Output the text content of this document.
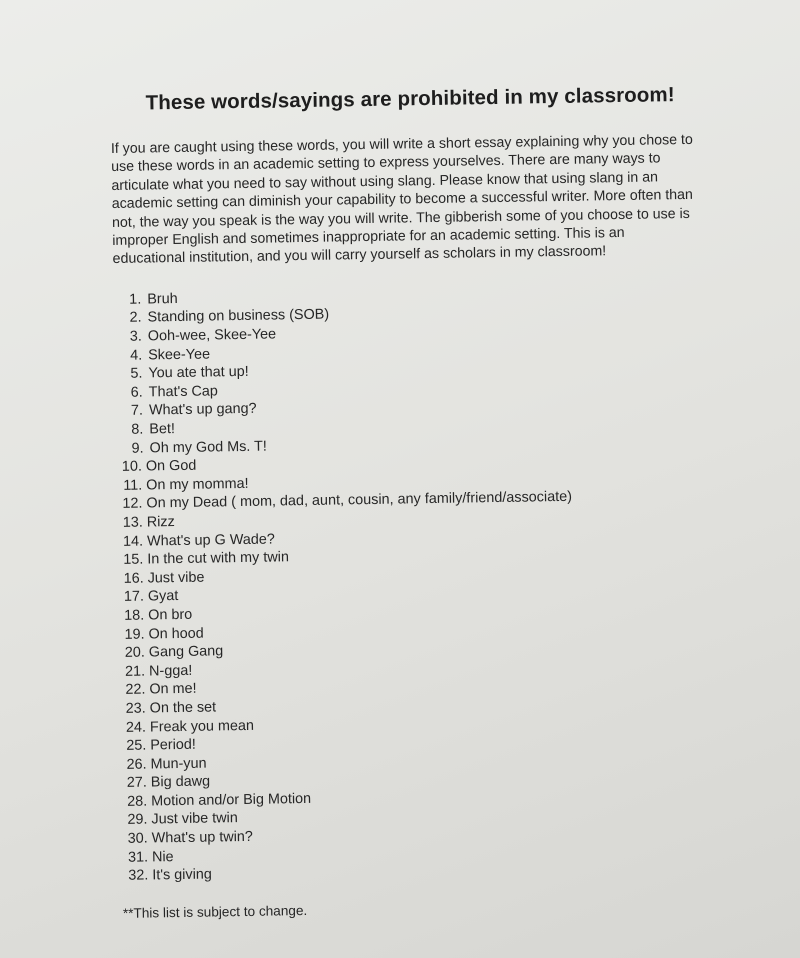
These words/sayings are prohibited in my classroom!

If you are caught using these words, you will write a short essay explaining why you chose to use these words in an academic setting to express yourselves. There are many ways to articulate what you need to say without using slang. Please know that using slang in an academic setting can diminish your capability to become a successful writer. More often than not, the way you speak is the way you will write. The gibberish some of you choose to use is improper English and sometimes inappropriate for an academic setting. This is an educational institution, and you will carry yourself as scholars in my classroom!

1. Bruh
2. Standing on business (SOB)
3. Ooh-wee, Skee-Yee
4. Skee-Yee
5. You ate that up!
6. That's Cap
7. What's up gang?
8. Bet!
9. Oh my God Ms. T!
10. On God
11. On my momma!
12. On my Dead ( mom, dad, aunt, cousin, any family/friend/associate)
13. Rizz
14. What's up G Wade?
15. In the cut with my twin
16. Just vibe
17. Gyat
18. On bro
19. On hood
20. Gang Gang
21. N-gga!
22. On me!
23. On the set
24. Freak you mean
25. Period!
26. Mun-yun
27. Big dawg
28. Motion and/or Big Motion
29. Just vibe twin
30. What's up twin?
31. Nie
32. It's giving

**This list is subject to change.
